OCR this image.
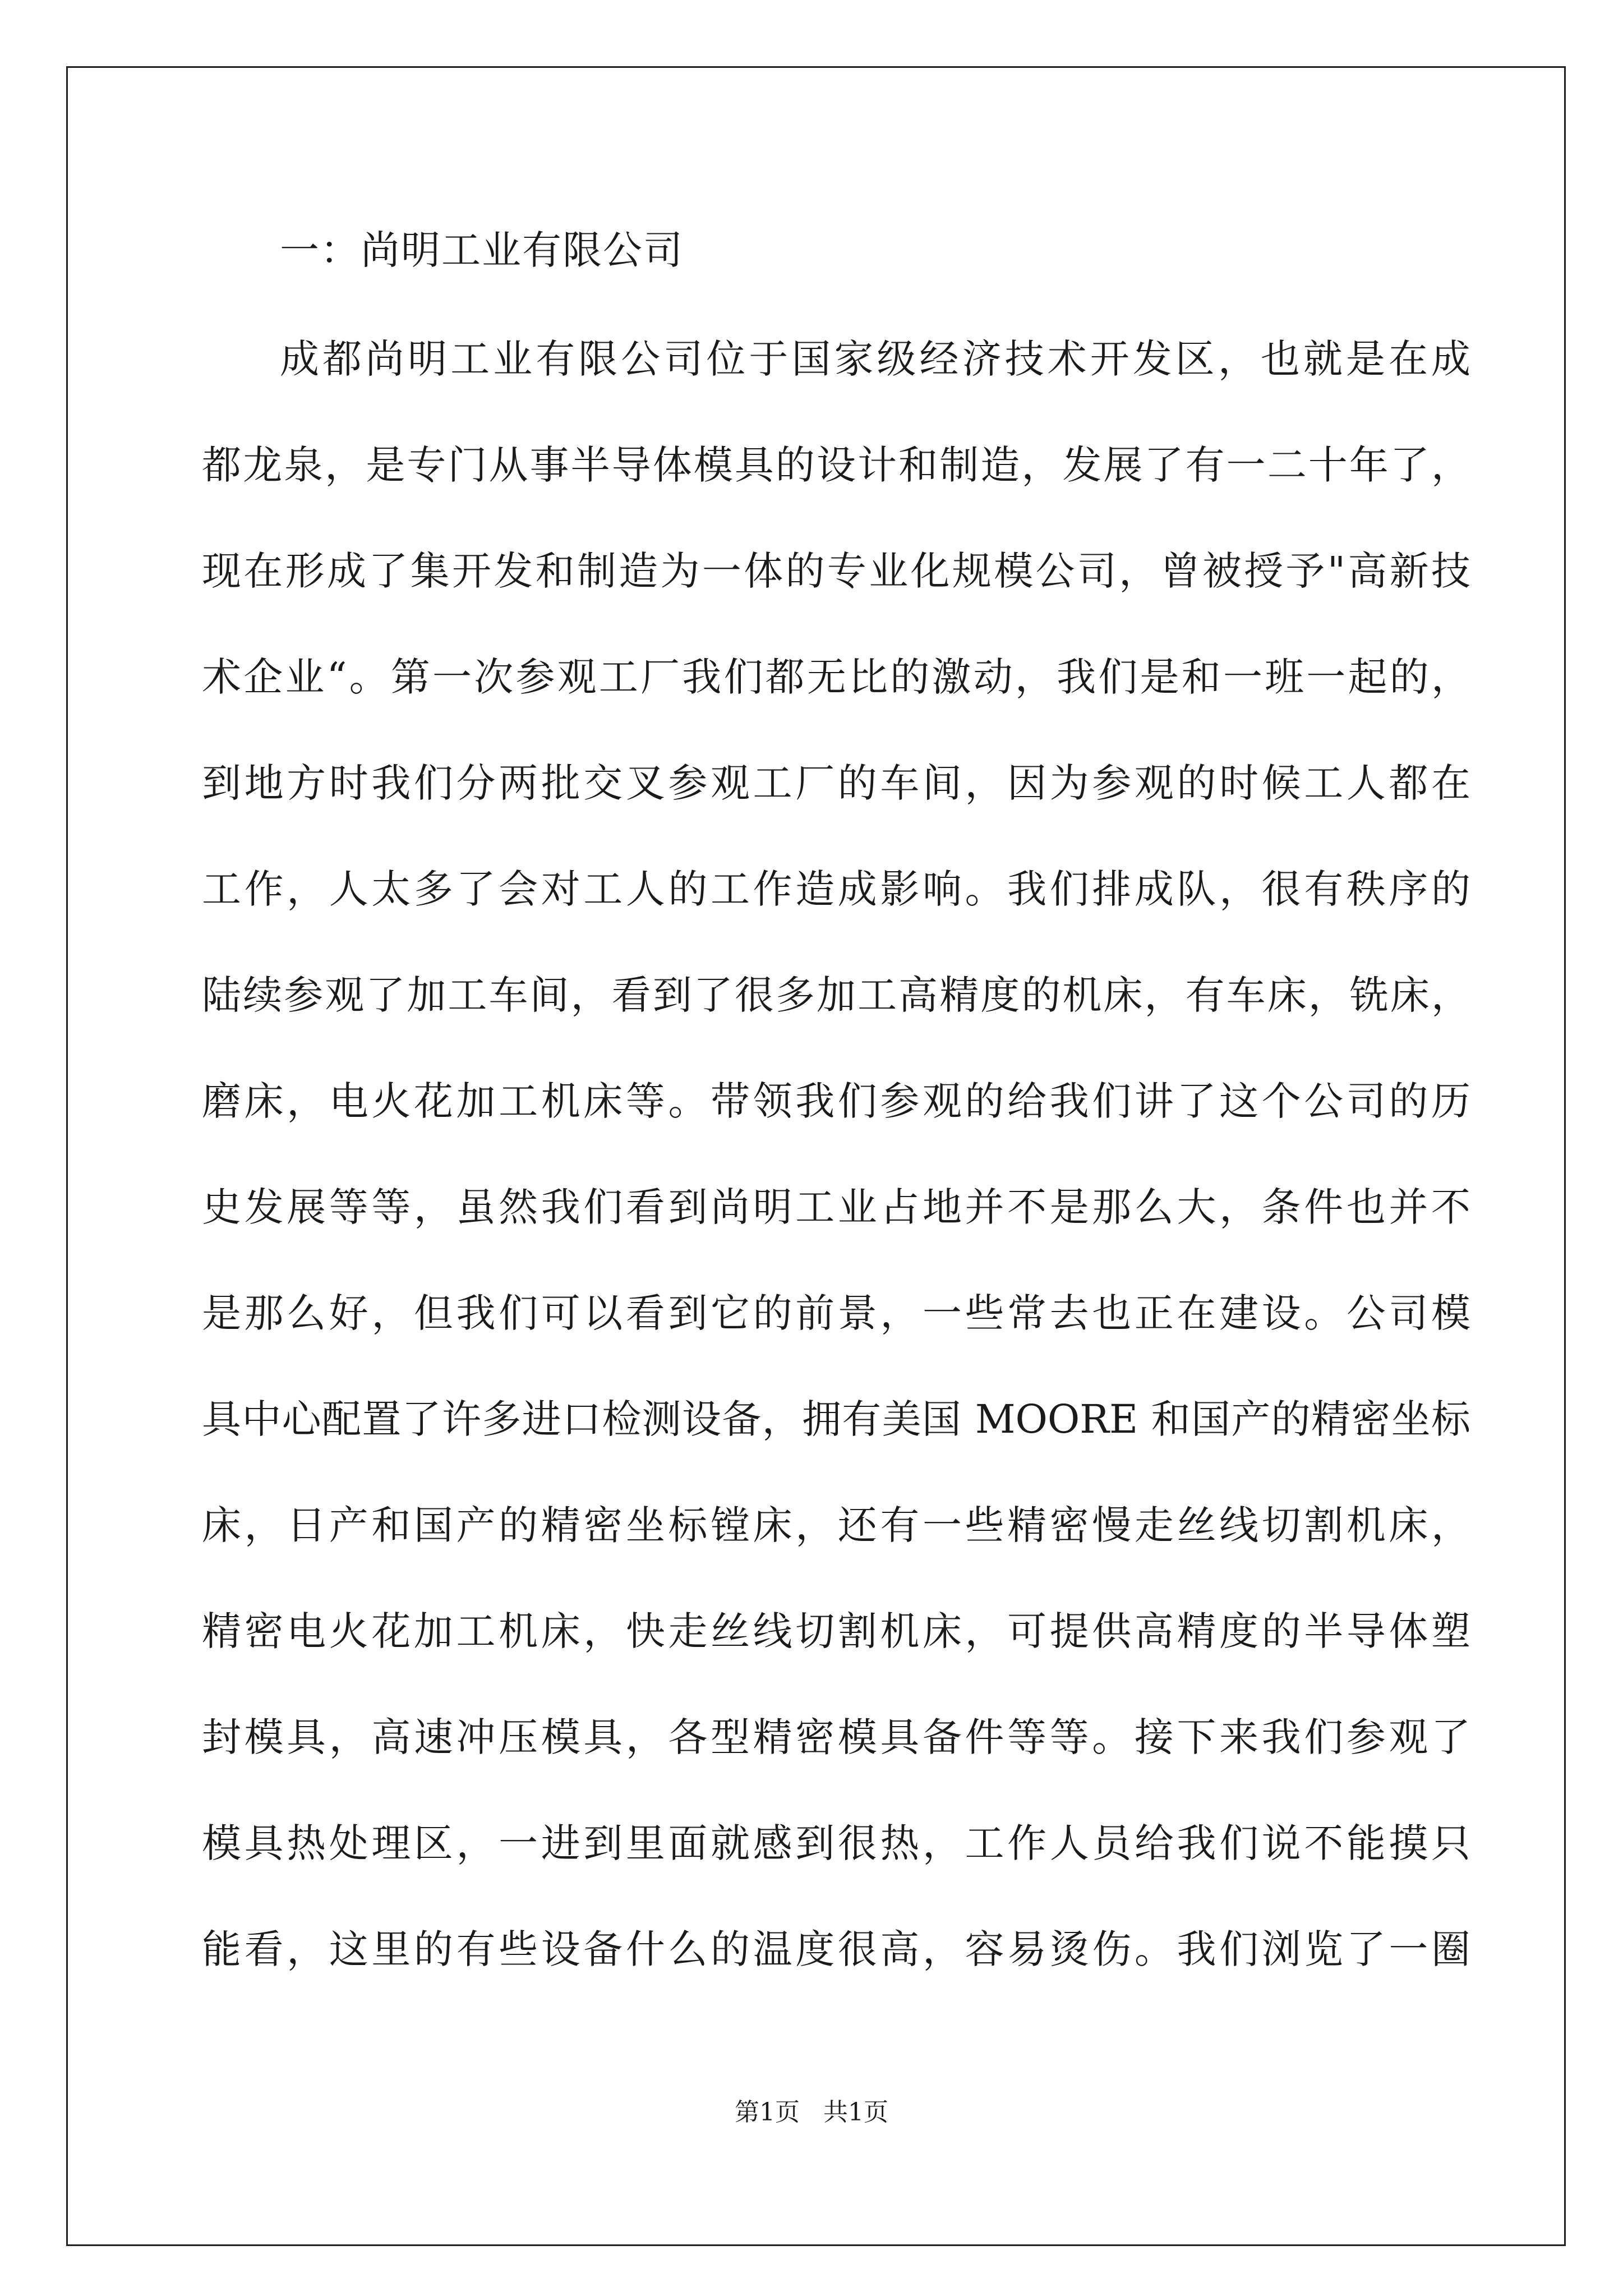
一：尚明工业有限公司
成都尚明工业有限公司位于国家级经济技术开发区，也就是在成
都龙泉，是专门从事半导体模具的设计和制造，发展了有一二十年了，
现在形成了集开发和制造为一体的专业化规模公司，曾被授予"高新技
术企业“。第一次参观工厂我们都无比的激动，我们是和一班一起的，
到地方时我们分两批交叉参观工厂的车间，因为参观的时候工人都在
工作，人太多了会对工人的工作造成影响。我们排成队，很有秩序的
陆续参观了加工车间，看到了很多加工高精度的机床，有车床，铣床，
磨床，电火花加工机床等。带领我们参观的给我们讲了这个公司的历
史发展等等，虽然我们看到尚明工业占地并不是那么大，条件也并不
是那么好，但我们可以看到它的前景，一些常去也正在建设。公司模
具中心配置了许多进口检测设备，拥有美国 MOORE 和国产的精密坐标
床，日产和国产的精密坐标镗床，还有一些精密慢走丝线切割机床，
精密电火花加工机床，快走丝线切割机床，可提供高精度的半导体塑
封模具，高速冲压模具，各型精密模具备件等等。接下来我们参观了
模具热处理区，一进到里面就感到很热，工作人员给我们说不能摸只
能看，这里的有些设备什么的温度很高，容易烫伤。我们浏览了一圈
第1页   共1页
